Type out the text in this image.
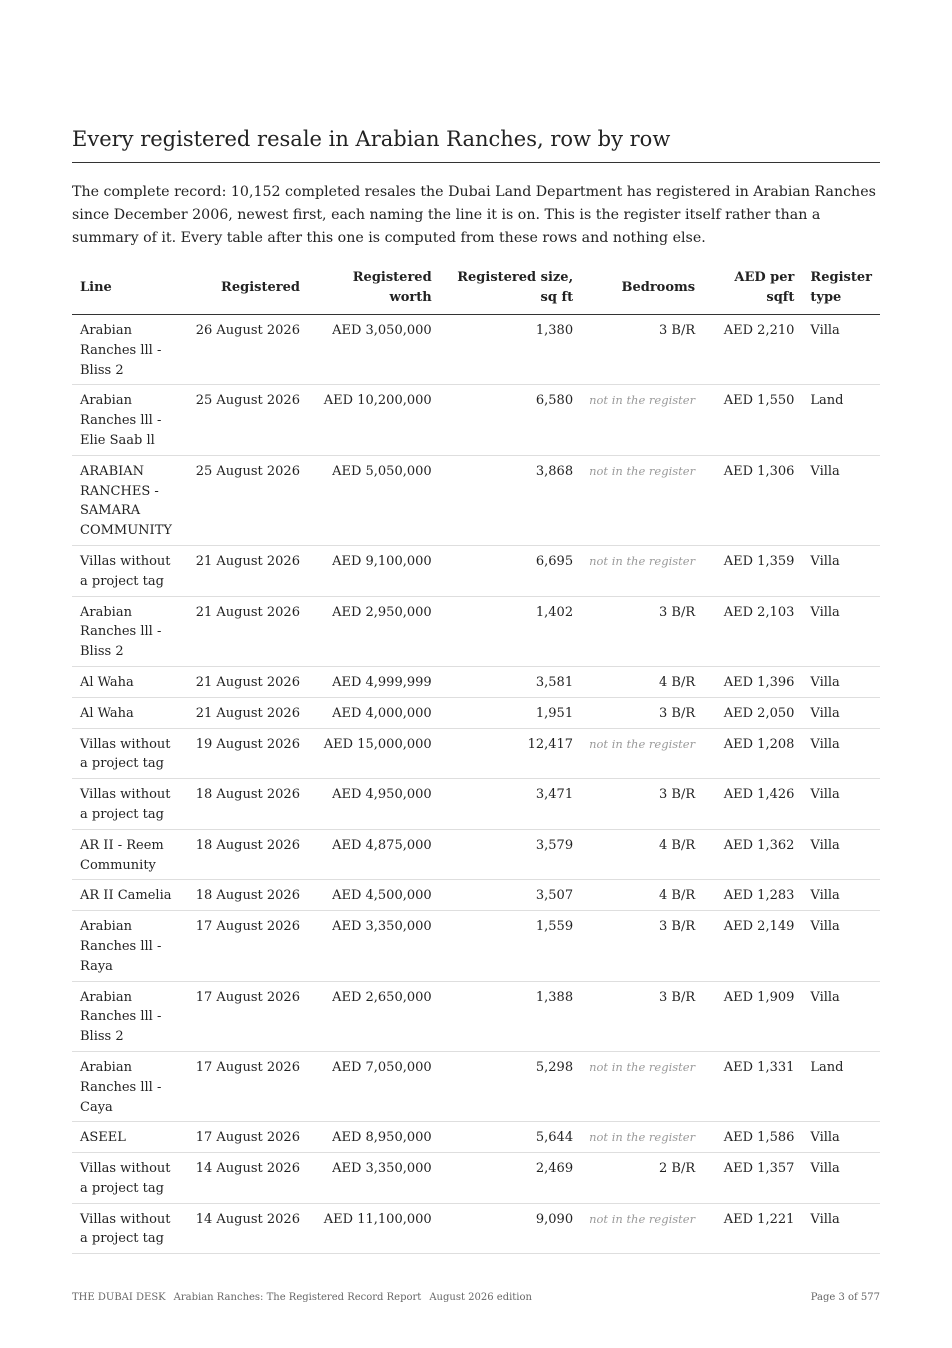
Every registered resale in Arabian Ranches, row by row

The complete record: 10,152 completed resales the Dubai Land Department has registered in Arabian Ranches since December 2006, newest first, each naming the line it is on. This is the register itself rather than a summary of it. Every table after this one is computed from these rows and nothing else.

Line	Registered	Registered worth	Registered size, sq ft	Bedrooms	AED per sqft	Register type
Arabian Ranches lll - Bliss 2	26 August 2026	AED 3,050,000	1,380	3 B/R	AED 2,210	Villa
Arabian Ranches lll - Elie Saab ll	25 August 2026	AED 10,200,000	6,580	not in the register	AED 1,550	Land
ARABIAN RANCHES - SAMARA COMMUNITY	25 August 2026	AED 5,050,000	3,868	not in the register	AED 1,306	Villa
Villas without a project tag	21 August 2026	AED 9,100,000	6,695	not in the register	AED 1,359	Villa
Arabian Ranches lll - Bliss 2	21 August 2026	AED 2,950,000	1,402	3 B/R	AED 2,103	Villa
Al Waha	21 August 2026	AED 4,999,999	3,581	4 B/R	AED 1,396	Villa
Al Waha	21 August 2026	AED 4,000,000	1,951	3 B/R	AED 2,050	Villa
Villas without a project tag	19 August 2026	AED 15,000,000	12,417	not in the register	AED 1,208	Villa
Villas without a project tag	18 August 2026	AED 4,950,000	3,471	3 B/R	AED 1,426	Villa
AR II - Reem Community	18 August 2026	AED 4,875,000	3,579	4 B/R	AED 1,362	Villa
AR II Camelia	18 August 2026	AED 4,500,000	3,507	4 B/R	AED 1,283	Villa
Arabian Ranches lll - Raya	17 August 2026	AED 3,350,000	1,559	3 B/R	AED 2,149	Villa
Arabian Ranches lll - Bliss 2	17 August 2026	AED 2,650,000	1,388	3 B/R	AED 1,909	Villa
Arabian Ranches lll - Caya	17 August 2026	AED 7,050,000	5,298	not in the register	AED 1,331	Land
ASEEL	17 August 2026	AED 8,950,000	5,644	not in the register	AED 1,586	Villa
Villas without a project tag	14 August 2026	AED 3,350,000	2,469	2 B/R	AED 1,357	Villa
Villas without a project tag	14 August 2026	AED 11,100,000	9,090	not in the register	AED 1,221	Villa
THE DUBAI DESK Arabian Ranches: The Registered Record Report August 2026 edition	Page 3 of 577
